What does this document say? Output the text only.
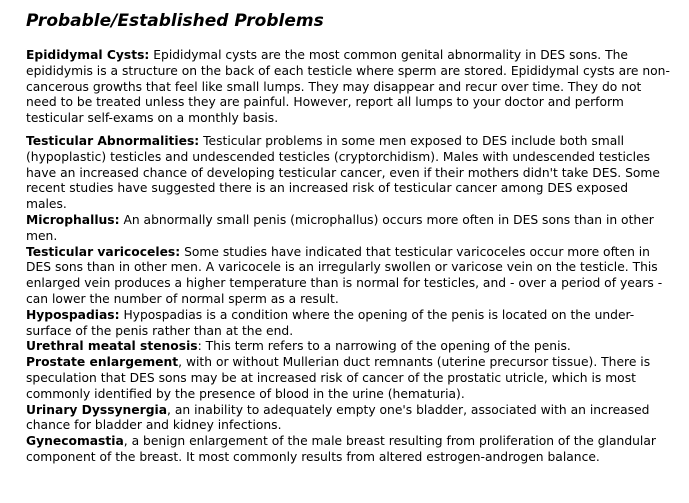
Probable/Established Problems

Epididymal Cysts: Epididymal cysts are the most common genital abnormality in DES sons. The epididymis is a structure on the back of each testicle where sperm are stored. Epididymal cysts are non-cancerous growths that feel like small lumps. They may disappear and recur over time. They do not need to be treated unless they are painful. However, report all lumps to your doctor and perform testicular self-exams on a monthly basis.

Testicular Abnormalities: Testicular problems in some men exposed to DES include both small (hypoplastic) testicles and undescended testicles (cryptorchidism). Males with undescended testicles have an increased chance of developing testicular cancer, even if their mothers didn't take DES. Some recent studies have suggested there is an increased risk of testicular cancer among DES exposed males.

Microphallus: An abnormally small penis (microphallus) occurs more often in DES sons than in other men.

Testicular varicoceles: Some studies have indicated that testicular varicoceles occur more often in DES sons than in other men. A varicocele is an irregularly swollen or varicose vein on the testicle. This enlarged vein produces a higher temperature than is normal for testicles, and - over a period of years - can lower the number of normal sperm as a result.

Hypospadias: Hypospadias is a condition where the opening of the penis is located on the under-surface of the penis rather than at the end.

Urethral meatal stenosis: This term refers to a narrowing of the opening of the penis.

Prostate enlargement, with or without Mullerian duct remnants (uterine precursor tissue). There is speculation that DES sons may be at increased risk of cancer of the prostatic utricle, which is most commonly identified by the presence of blood in the urine (hematuria).

Urinary Dyssynergia, an inability to adequately empty one's bladder, associated with an increased chance for bladder and kidney infections.

Gynecomastia, a benign enlargement of the male breast resulting from proliferation of the glandular component of the breast. It most commonly results from altered estrogen-androgen balance.
